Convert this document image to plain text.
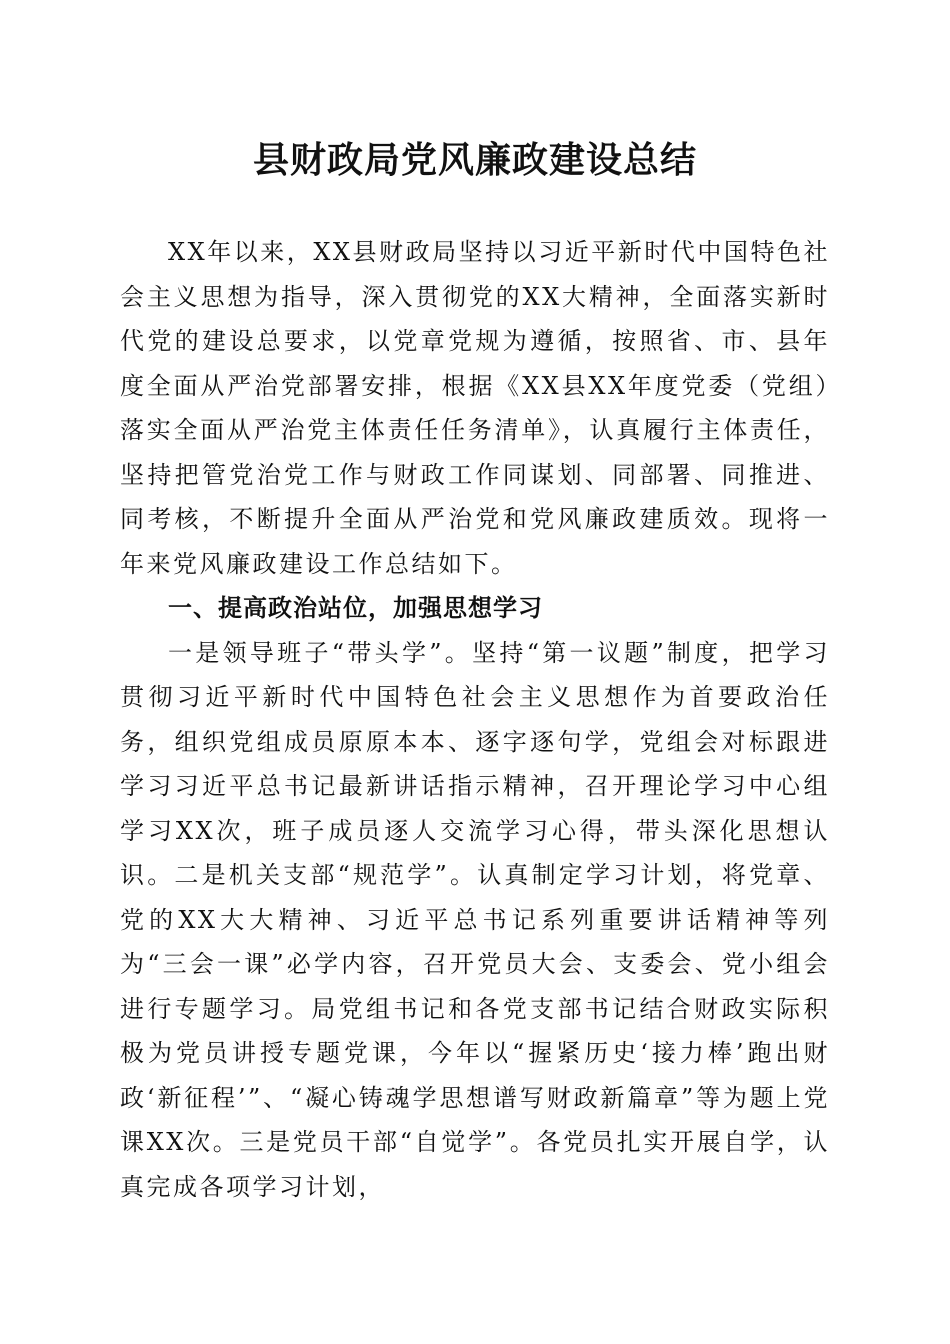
县财政局党风廉政建设总结

XX年以来，XX县财政局坚持以习近平新时代中国特色社会主义思想为指导，深入贯彻党的XX大精神，全面落实新时代党的建设总要求，以党章党规为遵循，按照省、市、县年度全面从严治党部署安排，根据《XX县XX年度党委（党组）落实全面从严治党主体责任任务清单》，认真履行主体责任，坚持把管党治党工作与财政工作同谋划、同部署、同推进、同考核，不断提升全面从严治党和党风廉政建质效。现将一年来党风廉政建设工作总结如下。

一、提高政治站位，加强思想学习

一是领导班子“带头学”。坚持“第一议题”制度，把学习贯彻习近平新时代中国特色社会主义思想作为首要政治任务，组织党组成员原原本本、逐字逐句学，党组会对标跟进学习习近平总书记最新讲话指示精神，召开理论学习中心组学习XX次，班子成员逐人交流学习心得，带头深化思想认识。二是机关支部“规范学”。认真制定学习计划，将党章、党的XX大大精神、习近平总书记系列重要讲话精神等列为“三会一课”必学内容，召开党员大会、支委会、党小组会进行专题学习。局党组书记和各党支部书记结合财政实际积极为党员讲授专题党课，今年以“握紧历史‘接力棒’跑出财政‘新征程’”、“凝心铸魂学思想谱写财政新篇章”等为题上党课XX次。三是党员干部“自觉学”。各党员扎实开展自学，认真完成各项学习计划，
